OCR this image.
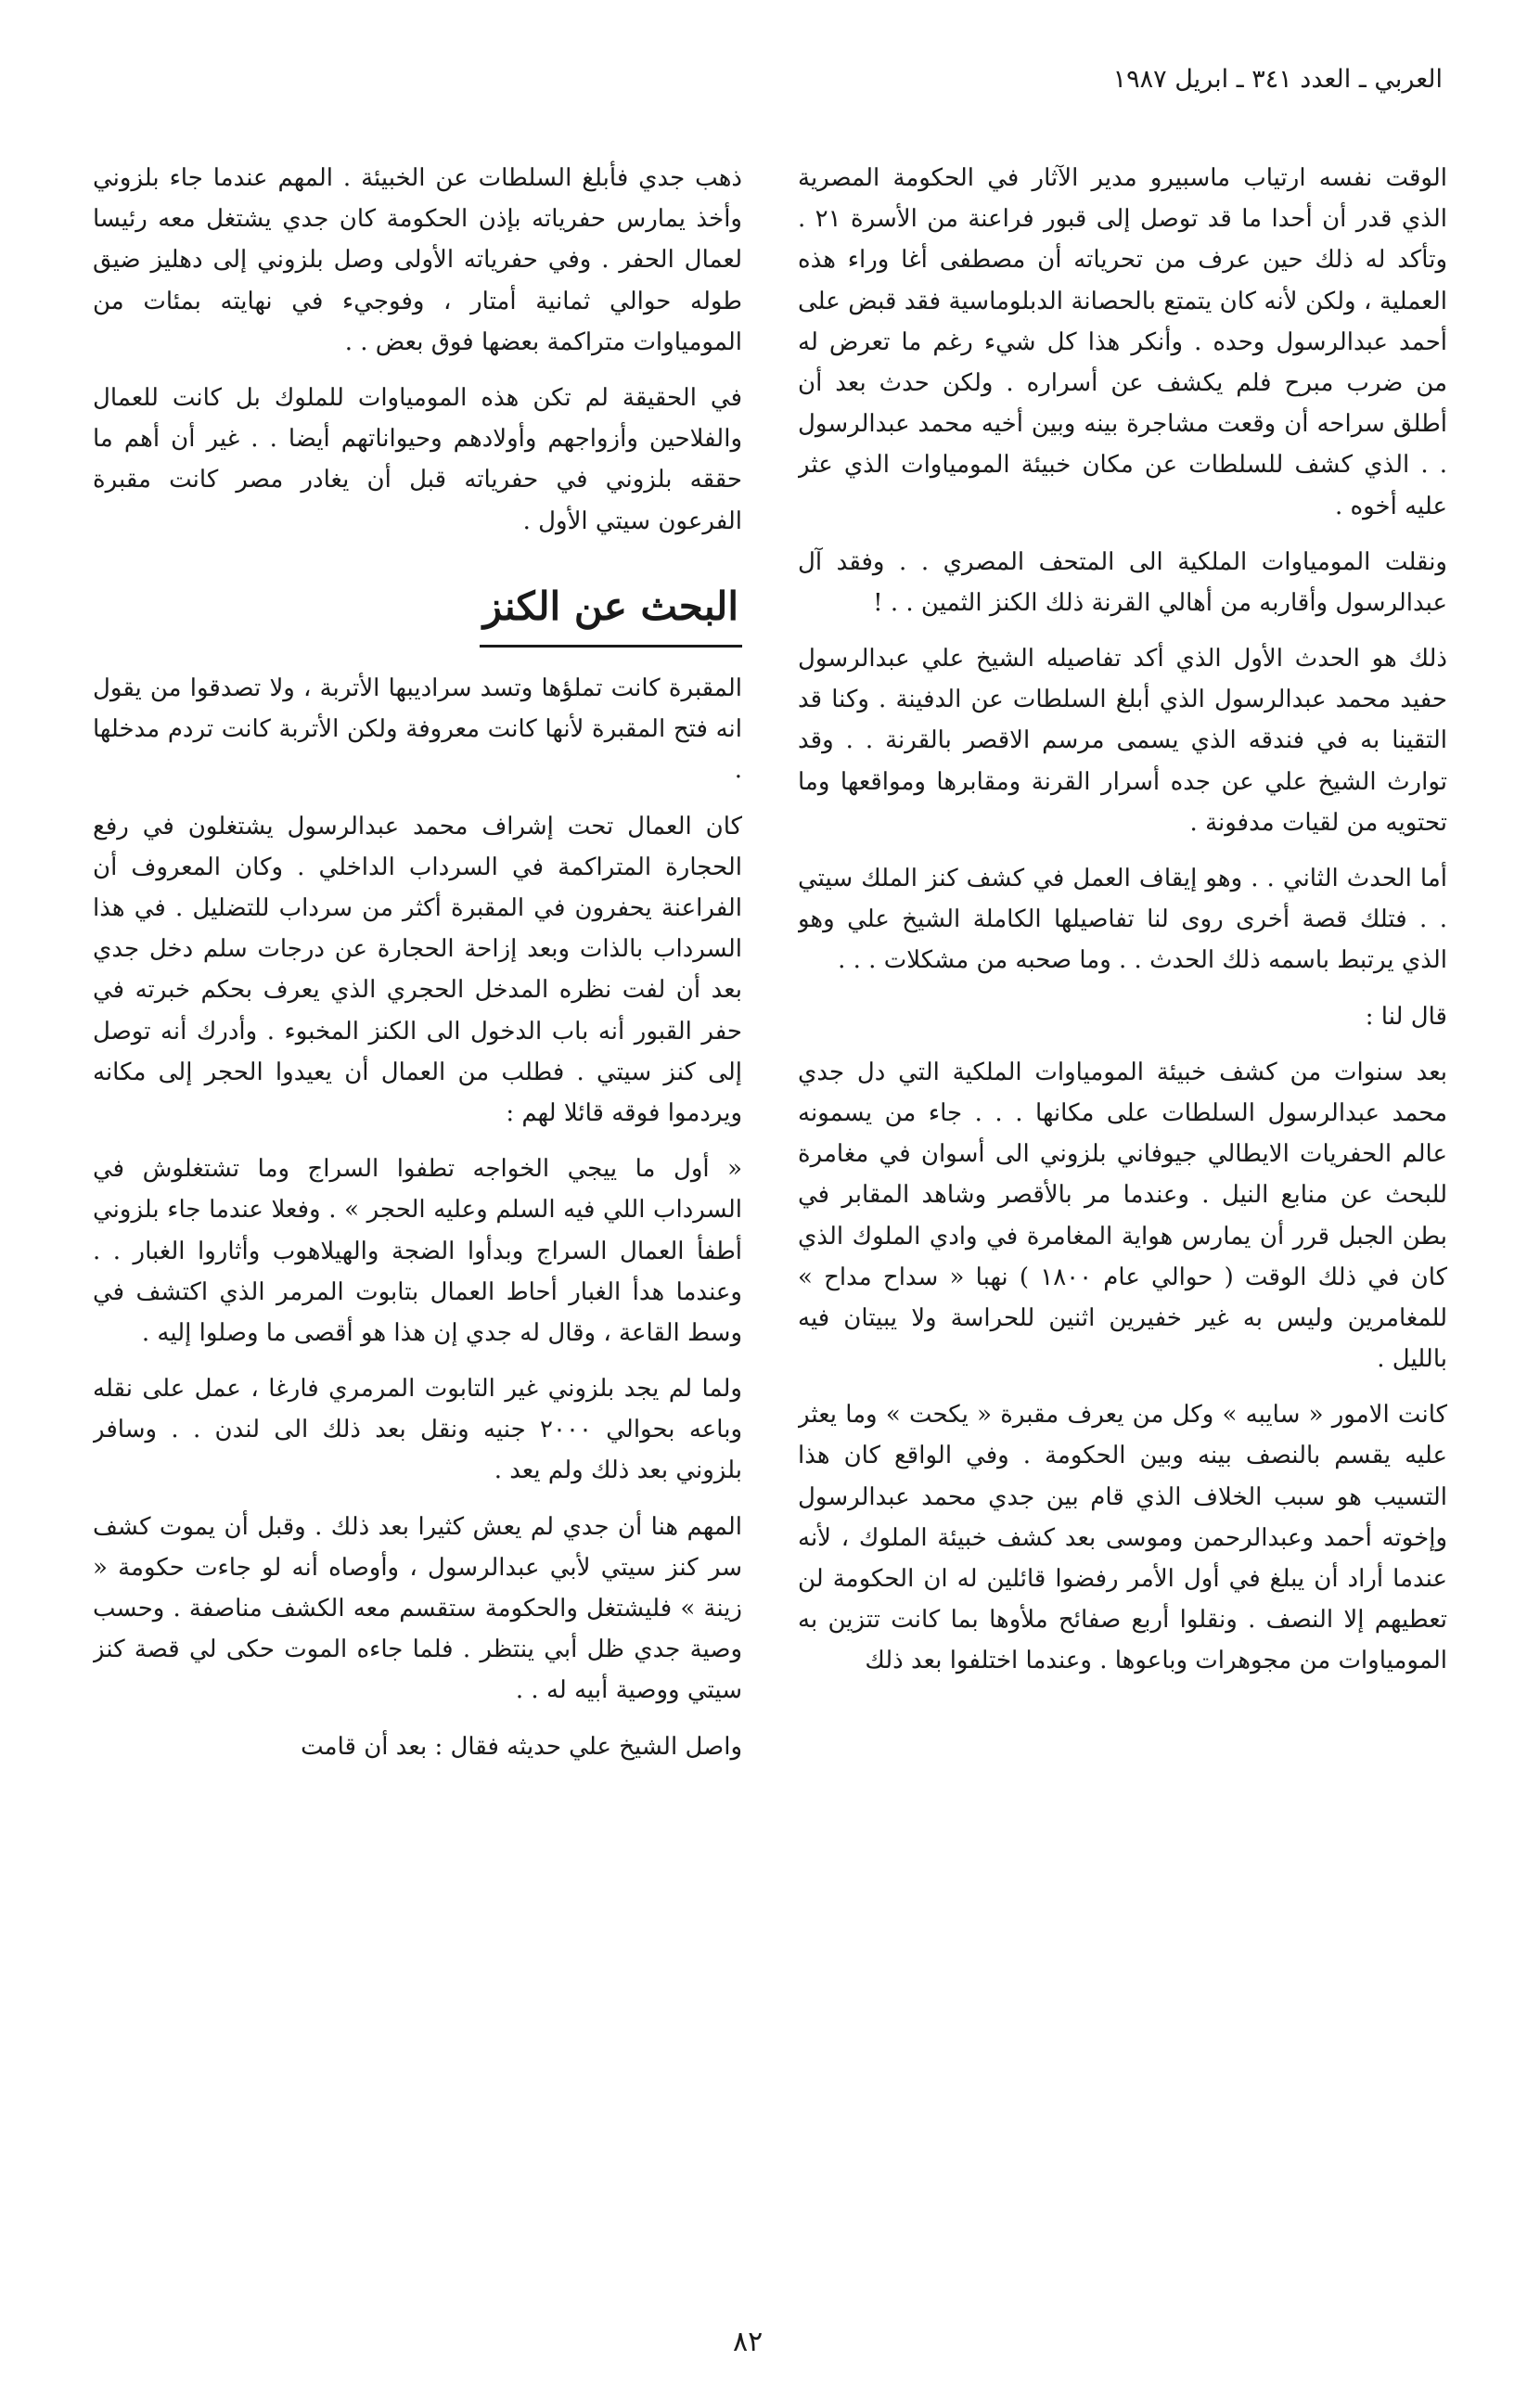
العربي ـ العدد ٣٤١ ـ ابريل ١٩٨٧

الوقت نفسه ارتياب ماسبيرو مدير الآثار في الحكومة المصرية الذي قدر أن أحدا ما قد توصل إلى قبور فراعنة من الأسرة ٢١ . وتأكد له ذلك حين عرف من تحرياته أن مصطفى أغا وراء هذه العملية ، ولكن لأنه كان يتمتع بالحصانة الدبلوماسية فقد قبض على أحمد عبدالرسول وحده . وأنكر هذا كل شيء رغم ما تعرض له من ضرب مبرح فلم يكشف عن أسراره . ولكن حدث بعد أن أطلق سراحه أن وقعت مشاجرة بينه وبين أخيه محمد عبدالرسول . . الذي كشف للسلطات عن مكان خبيئة المومياوات الذي عثر عليه أخوه .

ونقلت المومياوات الملكية الى المتحف المصري . . وفقد آل عبدالرسول وأقاربه من أهالي القرنة ذلك الكنز الثمين . . !

ذلك هو الحدث الأول الذي أكد تفاصيله الشيخ علي عبدالرسول حفيد محمد عبدالرسول الذي أبلغ السلطات عن الدفينة . وكنا قد التقينا به في فندقه الذي يسمى مرسم الاقصر بالقرنة . . وقد توارث الشيخ علي عن جده أسرار القرنة ومقابرها ومواقعها وما تحتويه من لقيات مدفونة .

أما الحدث الثاني . . وهو إيقاف العمل في كشف كنز الملك سيتي . . فتلك قصة أخرى روى لنا تفاصيلها الكاملة الشيخ علي وهو الذي يرتبط باسمه ذلك الحدث . . وما صحبه من مشكلات . . .

قال لنا :

بعد سنوات من كشف خبيئة المومياوات الملكية التي دل جدي محمد عبدالرسول السلطات على مكانها . . . جاء من يسمونه عالم الحفريات الايطالي جيوفاني بلزوني الى أسوان في مغامرة للبحث عن منابع النيل . وعندما مر بالأقصر وشاهد المقابر في بطن الجبل قرر أن يمارس هواية المغامرة في وادي الملوك الذي كان في ذلك الوقت ( حوالي عام ١٨٠٠ ) نهبا « سداح مداح » للمغامرين وليس به غير خفيرين اثنين للحراسة ولا يبيتان فيه بالليل .

كانت الامور « سايبه » وكل من يعرف مقبرة « يكحت » وما يعثر عليه يقسم بالنصف بينه وبين الحكومة . وفي الواقع كان هذا التسيب هو سبب الخلاف الذي قام بين جدي محمد عبدالرسول وإخوته أحمد وعبدالرحمن وموسى بعد كشف خبيئة الملوك ، لأنه عندما أراد أن يبلغ في أول الأمر رفضوا قائلين له ان الحكومة لن تعطيهم إلا النصف . ونقلوا أربع صفائح ملأوها بما كانت تتزين به المومياوات من مجوهرات وباعوها . وعندما اختلفوا بعد ذلك

ذهب جدي فأبلغ السلطات عن الخبيئة . المهم عندما جاء بلزوني وأخذ يمارس حفرياته بإذن الحكومة كان جدي يشتغل معه رئيسا لعمال الحفر . وفي حفرياته الأولى وصل بلزوني إلى دهليز ضيق طوله حوالي ثمانية أمتار ، وفوجيء في نهايته بمئات من المومياوات متراكمة بعضها فوق بعض . .

في الحقيقة لم تكن هذه المومياوات للملوك بل كانت للعمال والفلاحين وأزواجهم وأولادهم وحيواناتهم أيضا . . غير أن أهم ما حققه بلزوني في حفرياته قبل أن يغادر مصر كانت مقبرة الفرعون سيتي الأول .

البحث عن الكنز

المقبرة كانت تملؤها وتسد سراديبها الأتربة ، ولا تصدقوا من يقول انه فتح المقبرة لأنها كانت معروفة ولكن الأتربة كانت تردم مدخلها .

كان العمال تحت إشراف محمد عبدالرسول يشتغلون في رفع الحجارة المتراكمة في السرداب الداخلي . وكان المعروف أن الفراعنة يحفرون في المقبرة أكثر من سرداب للتضليل . في هذا السرداب بالذات وبعد إزاحة الحجارة عن درجات سلم دخل جدي بعد أن لفت نظره المدخل الحجري الذي يعرف بحكم خبرته في حفر القبور أنه باب الدخول الى الكنز المخبوء . وأدرك أنه توصل إلى كنز سيتي . فطلب من العمال أن يعيدوا الحجر إلى مكانه ويردموا فوقه قائلا لهم :

« أول ما ييجي الخواجه تطفوا السراج وما تشتغلوش في السرداب اللي فيه السلم وعليه الحجر » . وفعلا عندما جاء بلزوني أطفأ العمال السراج وبدأوا الضجة والهيلاهوب وأثاروا الغبار . . وعندما هدأ الغبار أحاط العمال بتابوت المرمر الذي اكتشف في وسط القاعة ، وقال له جدي إن هذا هو أقصى ما وصلوا إليه .

ولما لم يجد بلزوني غير التابوت المرمري فارغا ، عمل على نقله وباعه بحوالي ٢٠٠٠ جنيه ونقل بعد ذلك الى لندن . . وسافر بلزوني بعد ذلك ولم يعد .

المهم هنا أن جدي لم يعش كثيرا بعد ذلك . وقبل أن يموت كشف سر كنز سيتي لأبي عبدالرسول ، وأوصاه أنه لو جاءت حكومة « زينة » فليشتغل والحكومة ستقسم معه الكشف مناصفة . وحسب وصية جدي ظل أبي ينتظر . فلما جاءه الموت حكى لي قصة كنز سيتي ووصية أبيه له . .

واصل الشيخ علي حديثه فقال : بعد أن قامت

٨٢
